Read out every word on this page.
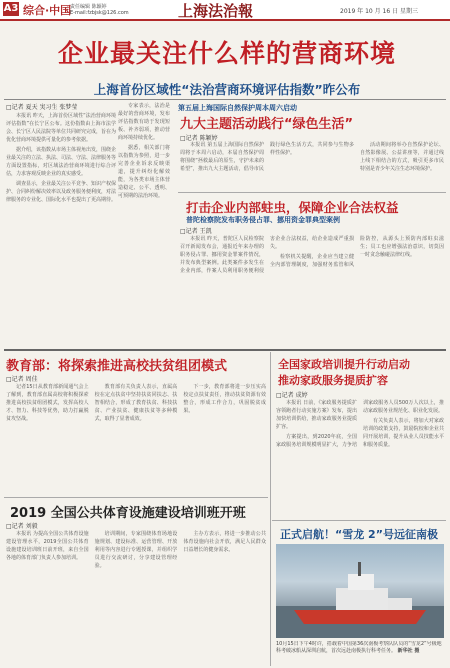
A3 综合·中国
责任编辑 陈颖婷
E-mail:fzbjsk@126.com	上海法治報	2019 年 10 月 16 日 星期三
企业最关注什么样的营商环境
上海首份区域性“法治营商环境评估指数”昨公布
□记者 夏天 実习生 张梦莹

本报讯 昨天，上海首份区域性“法治营商环境评估指数”在长宁区公布。这份指数由上海市法学会、长宁区人民法院等单位共同研究完成，旨在为优化营商环境提供可量化的参考依据。

据介绍，该指数从市场主体视角出发，围绕企业最关注的立法、执法、司法、守法、法律服务等方面设置指标，对区域法治营商环境进行综合评估，力求客观反映企业的真实感受。

调查显示，企业最关注公平竞争、知识产权保护、合同纠纷解决效率以及政务服务便利度，对法律服务的专业化、国际化水平也提出了更高期待。

专家表示，法治是最好的营商环境，发布评估指数有助于发现短板、补齐弱项，推动营商环境持续优化。

据悉，相关部门将以指数为参照，进一步完善企业诉求反映渠道，提升纠纷化解效能，为各类市场主体营造稳定、公平、透明、可预期的法治环境。

第五届上海国际自然保护周本周六启动
九大主题活动践行“绿色生活”
□记者 陈颖婷

本报讯 第五届上海国际自然保护周将于本周六启动，本届自然保护周将围绕“拯救最后的原生，守护未来的希望”，推出九大主题活动，倡导市民践行绿色生活方式，共同参与生物多样性保护。

活动期间将举办自然保护论坛、自然影像展、公益讲座等，并通过线上线下相结合的方式，吸引更多市民特别是青少年关注生态环境保护。

打击企业内部蛀虫，保障企业合法权益
普陀检察院发布职务侵占罪、挪用资金罪典型案例
□记者 王凯

本报讯 昨天，普陀区人民检察院召开新闻发布会，通报近年来办理的职务侵占罪、挪用资金罪案件情况，并发布典型案例。此类案件多发生在企业内部，作案人员利用职务便利侵害企业合法权益，给企业造成严重损失。

检察机关提醒，企业应当建立健全内部管理制度，加强财务监管和风险防控，从源头上预防内部蛀虫滋生；员工也应增强法治意识，切莫因一时贪念触碰法律红线。

教育部：将探索推进高校扶贫组团模式
□记者 周佳

记者15日从教育部新闻通气会上了解到，教育部直属高校将积极探索推进高校扶贫组团模式，发挥高校人才、智力、科技等优势，助力打赢脱贫攻坚战。

教育部有关负责人表示，直属高校在定点扶贫中坚持扶贫同扶志、扶智相结合，形成了教育扶贫、科技扶贫、产业扶贫、健康扶贫等多种模式，取得了显著成效。

下一步，教育部将进一步压实高校定点扶贫责任，推动扶贫资源有效整合，形成工作合力，巩固脱贫成果。

2019 全国公共体育设施建设培训班开班
□记者 刘毅

本报讯 为提高全国公共体育设施建设管理水平，2019全国公共体育设施建设培训班日前开班，来自全国各地的体育部门负责人参加培训。

培训期间，专家围绕体育场地设施规划、建设标准、运营管理、开放利用等内容进行专题授课，并组织学员进行交流研讨，分享建设管理经验。

主办方表示，将进一步推动公共体育设施向社会开放，满足人民群众日益增长的健身需求。

全国家政培训提升行动启动
推动家政服务提质扩容
□记者 成婷

本报讯 日前，《家政服务提质扩容领跑者行动实施方案》发布，提出加快培训供给，推动家政服务业提质扩容。

方案提出，到2020年底，全国家政服务培训规模明显扩大，力争培训家政服务人员500万人次以上，推动家政服务业规范化、职业化发展。

有关负责人表示，将加大对家政培训的政策支持，鼓励院校和企业共同开展培训，提升从业人员技能水平和服务质量。

正式启航！“雪龙 2”号远征南极
10月15日下午4时许，搭载着中国第36次南极考察队队员的“雪龙2”号极地科考破冰船从深圳启航，首次远赴南极执行科考任务。 新华社 摄
